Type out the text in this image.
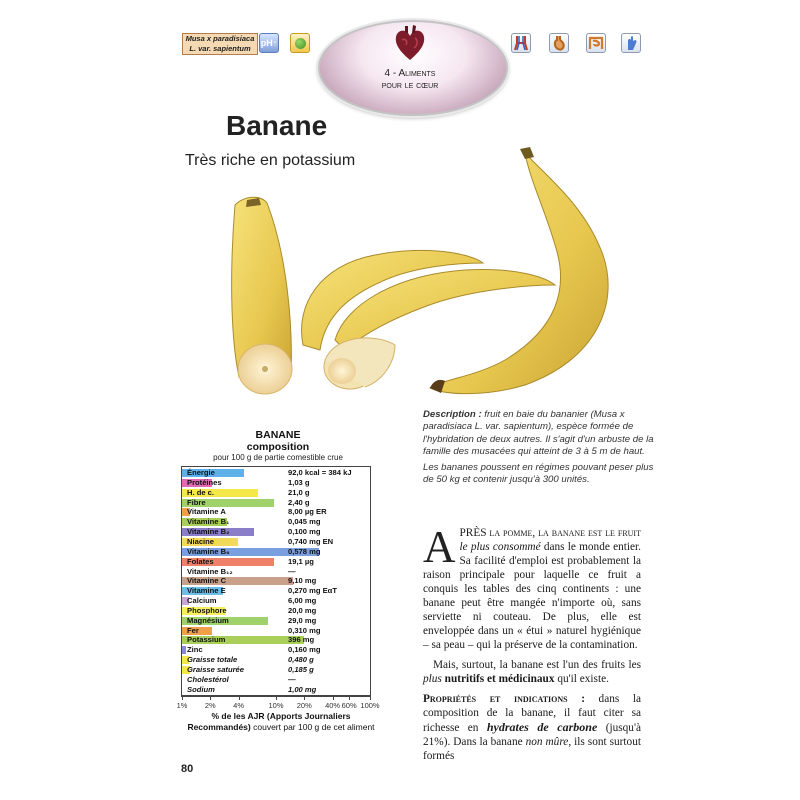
Musa x paradisiaca
L. var. sapientum
pH↑
4 - Aliments
pour le cœur
Banane
Très riche en potassium

Description : fruit en baie du bananier (Musa x paradisiaca L. var. sapientum), espèce formée de l'hybridation de deux autres. Il s'agit d'un arbuste de la famille des musacées qui atteint de 3 à 5 m de haut.

Les bananes poussent en régimes pouvant peser plus de 50 kg et contenir jusqu'à 300 unités.

BANANE
composition
pour 100 g de partie comestible crue
Énergie	92,0 kcal = 384 kJ
Protéines	1,03 g
H. de c.	21,0 g
Fibre	2,40 g
Vitamine A	8,00 µg ER
Vitamine B₁	0,045 mg
Vitamine B₂	0,100 mg
Niacine	0,740 mg EN
Vitamine B₆	0,578 mg
Folates	19,1 µg
Vitamine B₁₂	—
Vitamine C	9,10 mg
Vitamine E	0,270 mg EαT
Calcium	6,00 mg
Phosphore	20,0 mg
Magnésium	29,0 mg
Fer	0,310 mg
Potassium	396 mg
Zinc	0,160 mg
Graisse totale	0,480 g
Graisse saturée	0,185 g
Cholestérol	—
Sodium	1,00 mg
1%	2%	4%	10%	20%	40% 60% 100%
% de les AJR (Apports Journaliers Recommandés) couvert par 100 g de cet aliment

APRÈS la pomme, la banane est le fruit le plus consommé dans le monde entier. Sa facilité d'emploi est probablement la raison principale pour laquelle ce fruit a conquis les tables des cinq continents : une banane peut être mangée n'importe où, sans serviette ni couteau. De plus, elle est enveloppée dans un « étui » naturel hygiénique – sa peau – qui la préserve de la contamination.

Mais, surtout, la banane est l'un des fruits les plus nutritifs et médicinaux qu'il existe.

Propriétés et indications : dans la composition de la banane, il faut citer sa richesse en hydrates de carbone (jusqu'à 21%). Dans la banane non mûre, ils sont surtout formés

80
